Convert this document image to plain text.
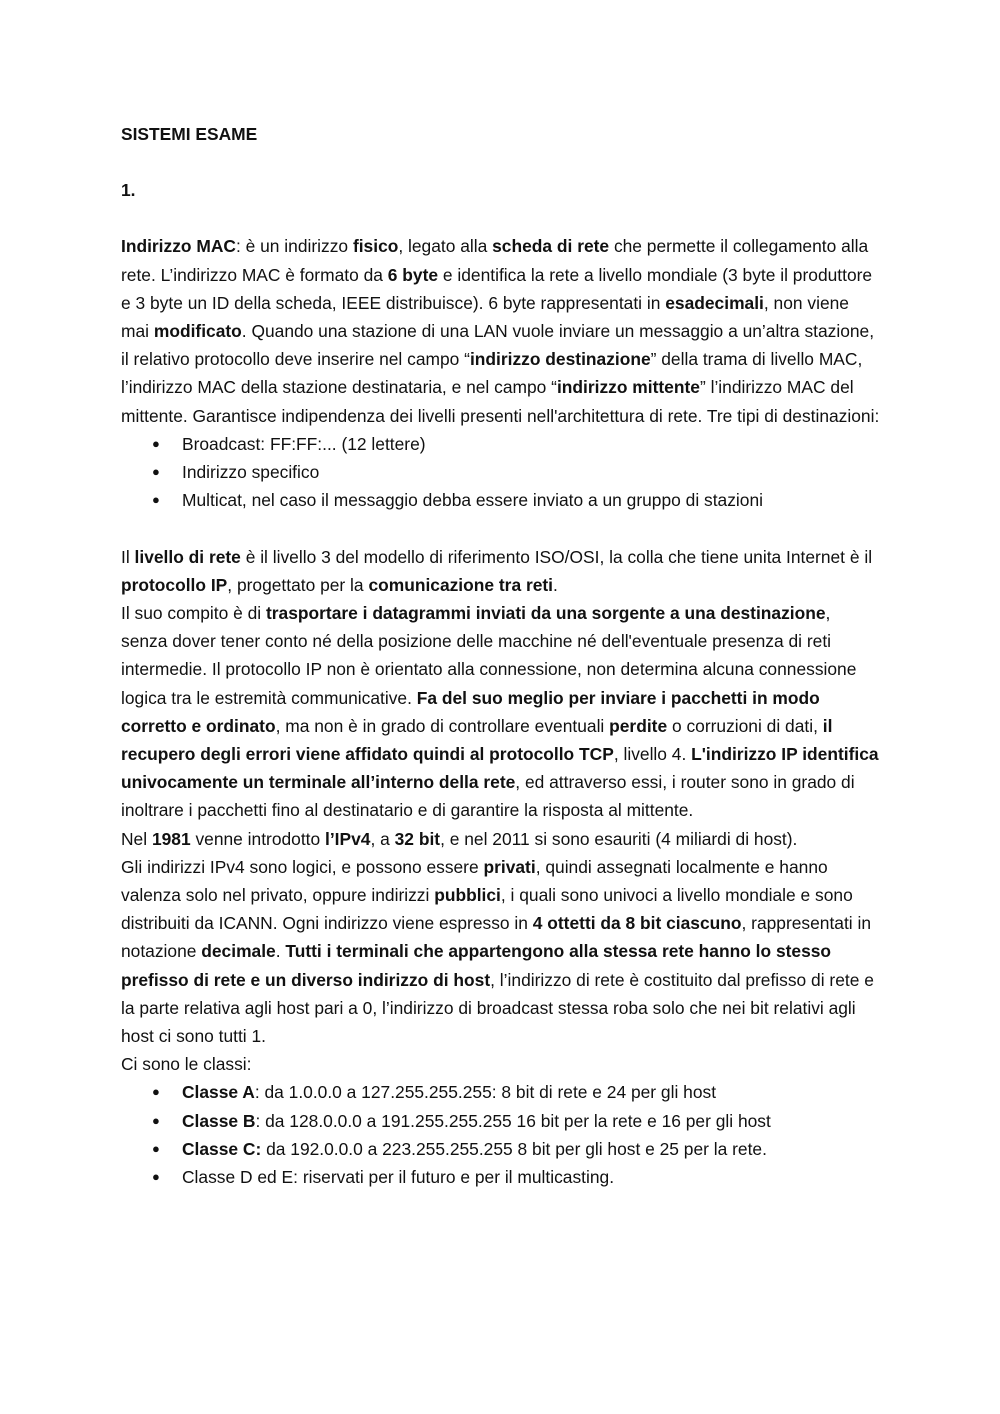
SISTEMI ESAME

1.

Indirizzo MAC: è un indirizzo fisico, legato alla scheda di rete che permette il collegamento alla rete. L’indirizzo MAC è formato da 6 byte e identifica la rete a livello mondiale (3 byte il produttore e 3 byte un ID della scheda, IEEE distribuisce). 6 byte rappresentati in esadecimali, non viene mai modificato. Quando una stazione di una LAN vuole inviare un messaggio a un’altra stazione, il relativo protocollo deve inserire nel campo “indirizzo destinazione” della trama di livello MAC, l’indirizzo MAC della stazione destinataria, e nel campo “indirizzo mittente” l’indirizzo MAC del mittente. Garantisce indipendenza dei livelli presenti nell'architettura di rete. Tre tipi di destinazioni:

● Broadcast: FF:FF:... (12 lettere)
● Indirizzo specifico
● Multicat, nel caso il messaggio debba essere inviato a un gruppo di stazioni

Il livello di rete è il livello 3 del modello di riferimento ISO/OSI, la colla che tiene unita Internet è il protocollo IP, progettato per la comunicazione tra reti.

Il suo compito è di trasportare i datagrammi inviati da una sorgente a una destinazione, senza dover tener conto né della posizione delle macchine né dell'eventuale presenza di reti intermedie. Il protocollo IP non è orientato alla connessione, non determina alcuna connessione logica tra le estremità communicative. Fa del suo meglio per inviare i pacchetti in modo corretto e ordinato, ma non è in grado di controllare eventuali perdite o corruzioni di dati, il recupero degli errori viene affidato quindi al protocollo TCP, livello 4. L'indirizzo IP identifica univocamente un terminale all’interno della rete, ed attraverso essi, i router sono in grado di inoltrare i pacchetti fino al destinatario e di garantire la risposta al mittente.

Nel 1981 venne introdotto l’IPv4, a 32 bit, e nel 2011 si sono esauriti (4 miliardi di host).

Gli indirizzi IPv4 sono logici, e possono essere privati, quindi assegnati localmente e hanno valenza solo nel privato, oppure indirizzi pubblici, i quali sono univoci a livello mondiale e sono distribuiti da ICANN. Ogni indirizzo viene espresso in 4 ottetti da 8 bit ciascuno, rappresentati in notazione decimale. Tutti i terminali che appartengono alla stessa rete hanno lo stesso prefisso di rete e un diverso indirizzo di host, l’indirizzo di rete è costituito dal prefisso di rete e la parte relativa agli host pari a 0, l’indirizzo di broadcast stessa roba solo che nei bit relativi agli host ci sono tutti 1.

Ci sono le classi:

● Classe A: da 1.0.0.0 a 127.255.255.255: 8 bit di rete e 24 per gli host
● Classe B: da 128.0.0.0 a 191.255.255.255 16 bit per la rete e 16 per gli host
● Classe C: da 192.0.0.0 a 223.255.255.255 8 bit per gli host e 25 per la rete.
● Classe D ed E: riservati per il futuro e per il multicasting.
